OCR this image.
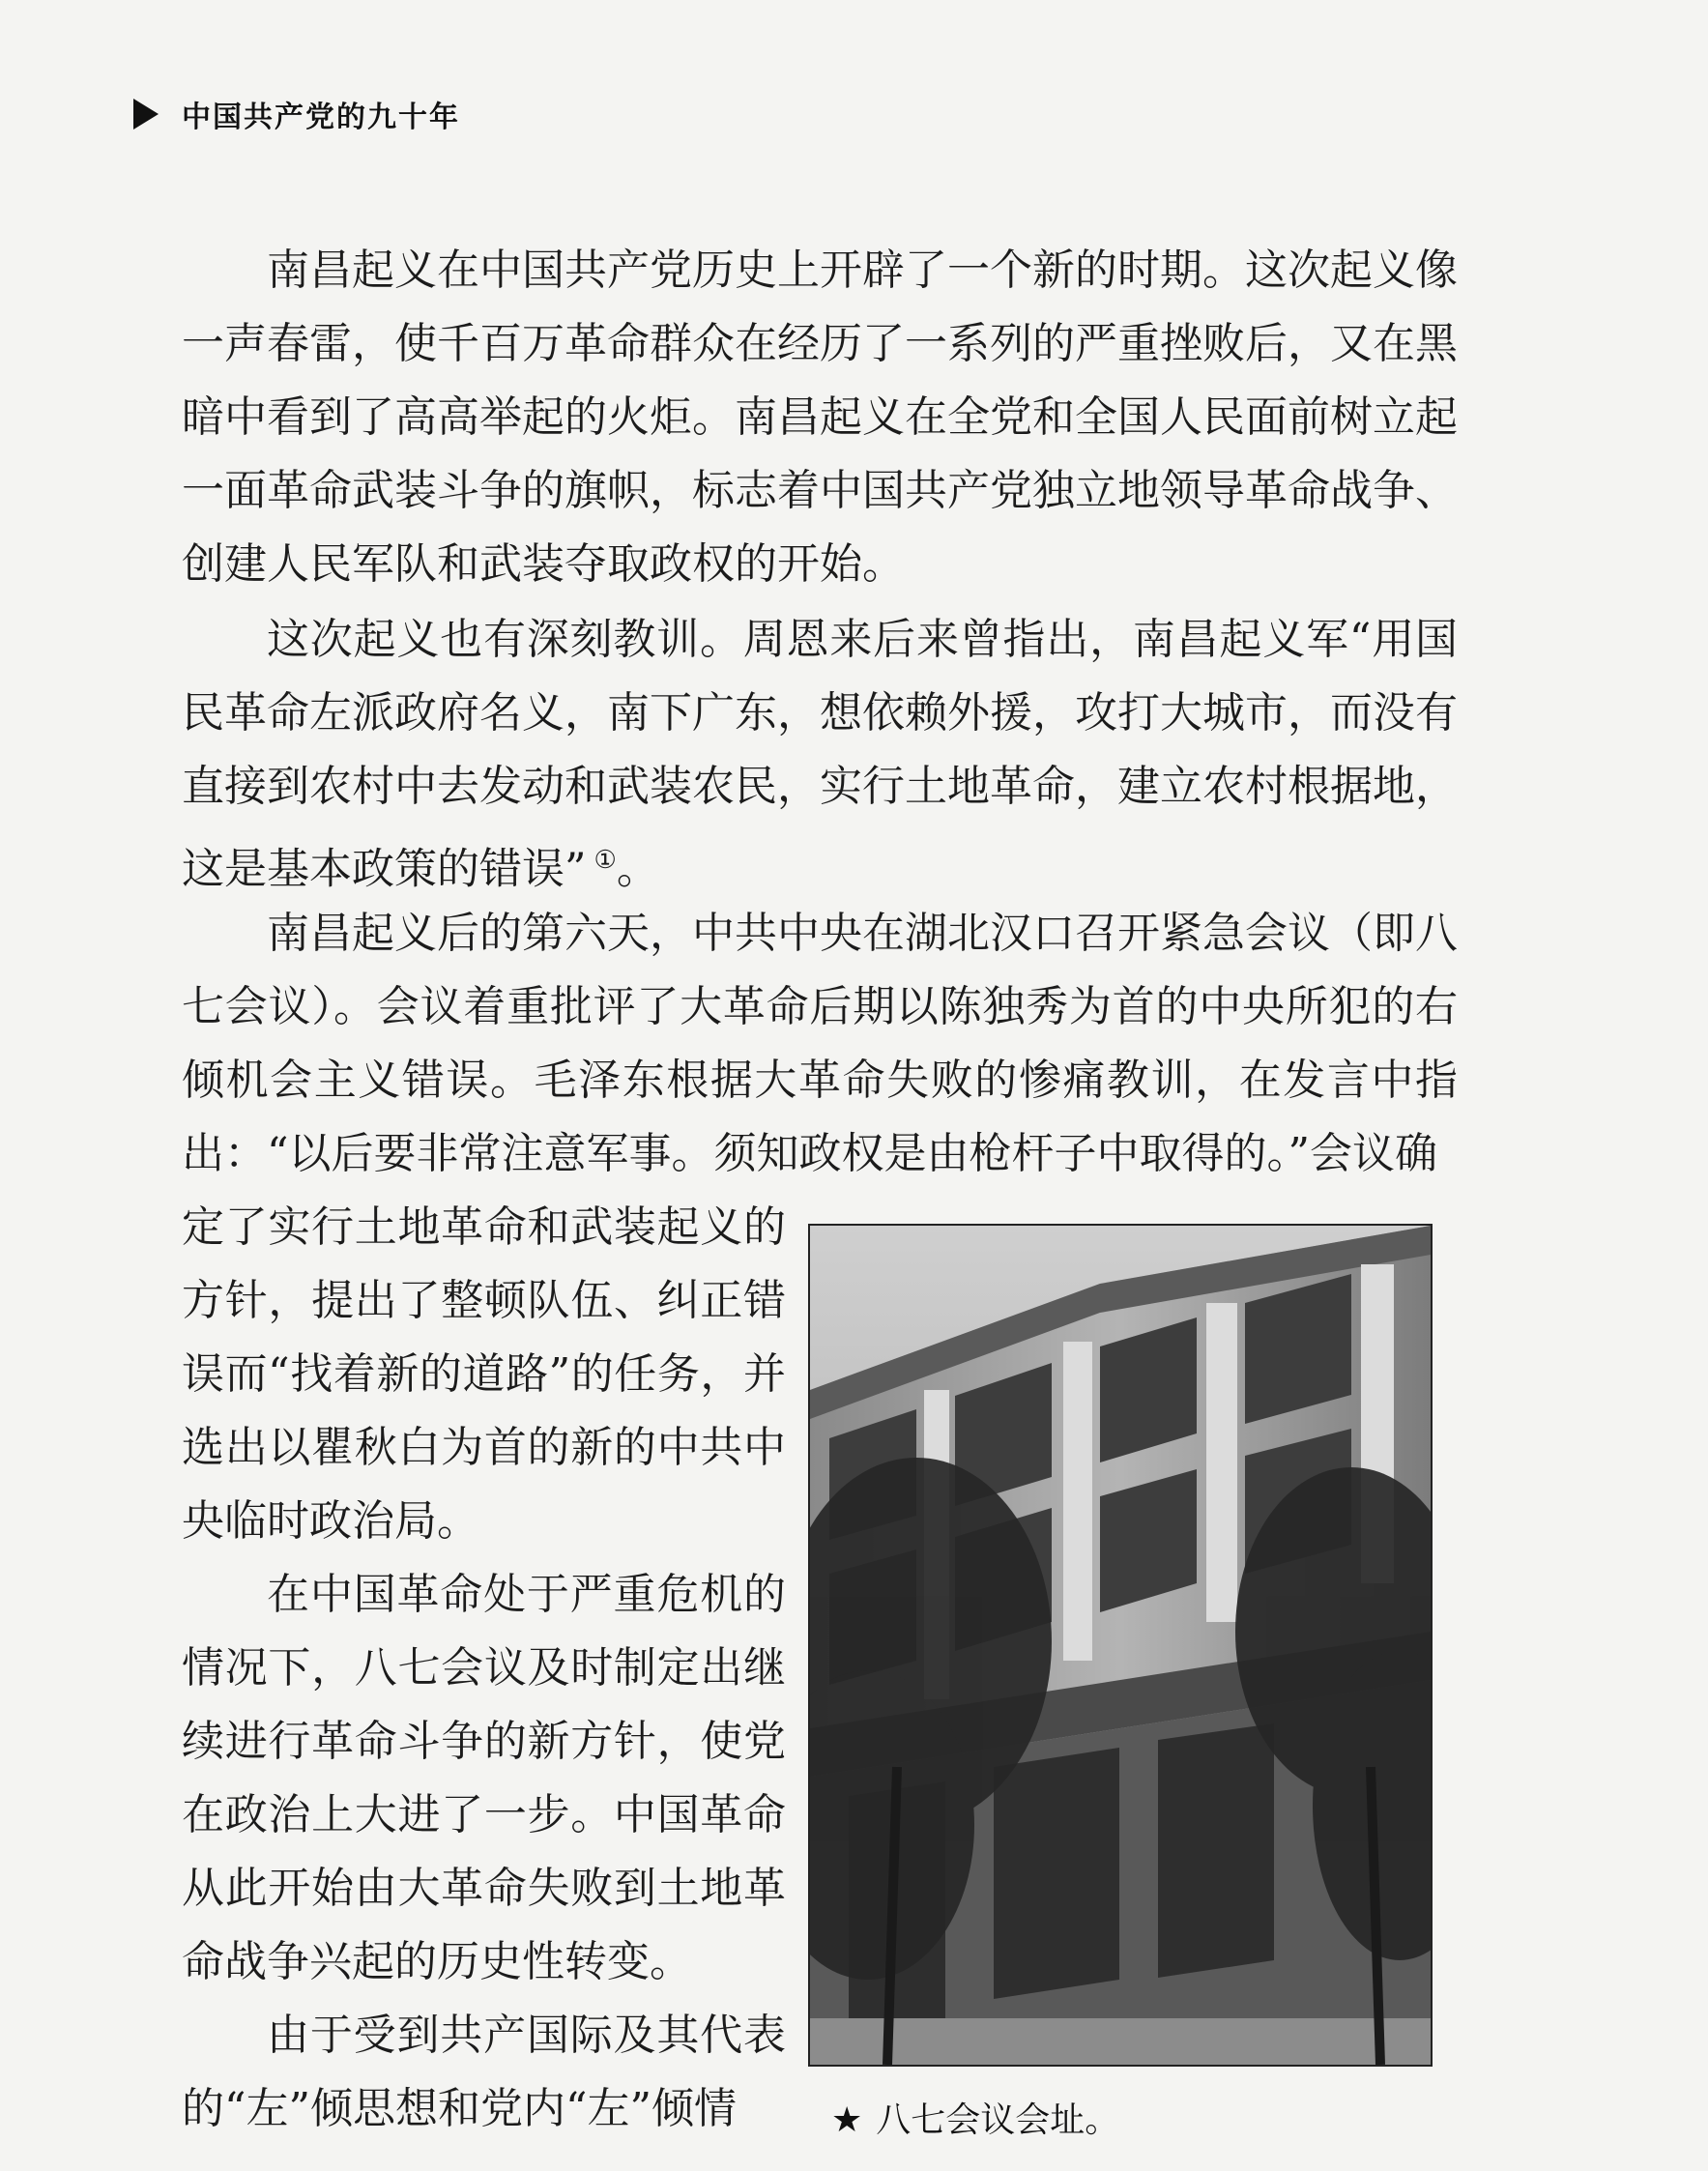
中国共产党的九十年

南昌起义在中国共产党历史上开辟了一个新的时期。这次起义像一声春雷，使千百万革命群众在经历了一系列的严重挫败后，又在黑暗中看到了高高举起的火炬。南昌起义在全党和全国人民面前树立起一面革命武装斗争的旗帜，标志着中国共产党独立地领导革命战争、创建人民军队和武装夺取政权的开始。

这次起义也有深刻教训。周恩来后来曾指出，南昌起义军“用国民革命左派政府名义，南下广东，想依赖外援，攻打大城市，而没有直接到农村中去发动和武装农民，实行土地革命，建立农村根据地，这是基本政策的错误” ①。

南昌起义后的第六天，中共中央在湖北汉口召开紧急会议（即八七会议）。会议着重批评了大革命后期以陈独秀为首的中央所犯的右倾机会主义错误。毛泽东根据大革命失败的惨痛教训，在发言中指出：“以后要非常注意军事。须知政权是由枪杆子中取得的。”会议确

定了实行土地革命和武装起义的方针，提出了整顿队伍、纠正错误而“找着新的道路”的任务，并选出以瞿秋白为首的新的中共中央临时政治局。

在中国革命处于严重危机的情况下，八七会议及时制定出继续进行革命斗争的新方针，使党在政治上大进了一步。中国革命从此开始由大革命失败到土地革命战争兴起的历史性转变。

由于受到共产国际及其代表的“左”倾思想和党内“左”倾情	★ 八七会议会址。
